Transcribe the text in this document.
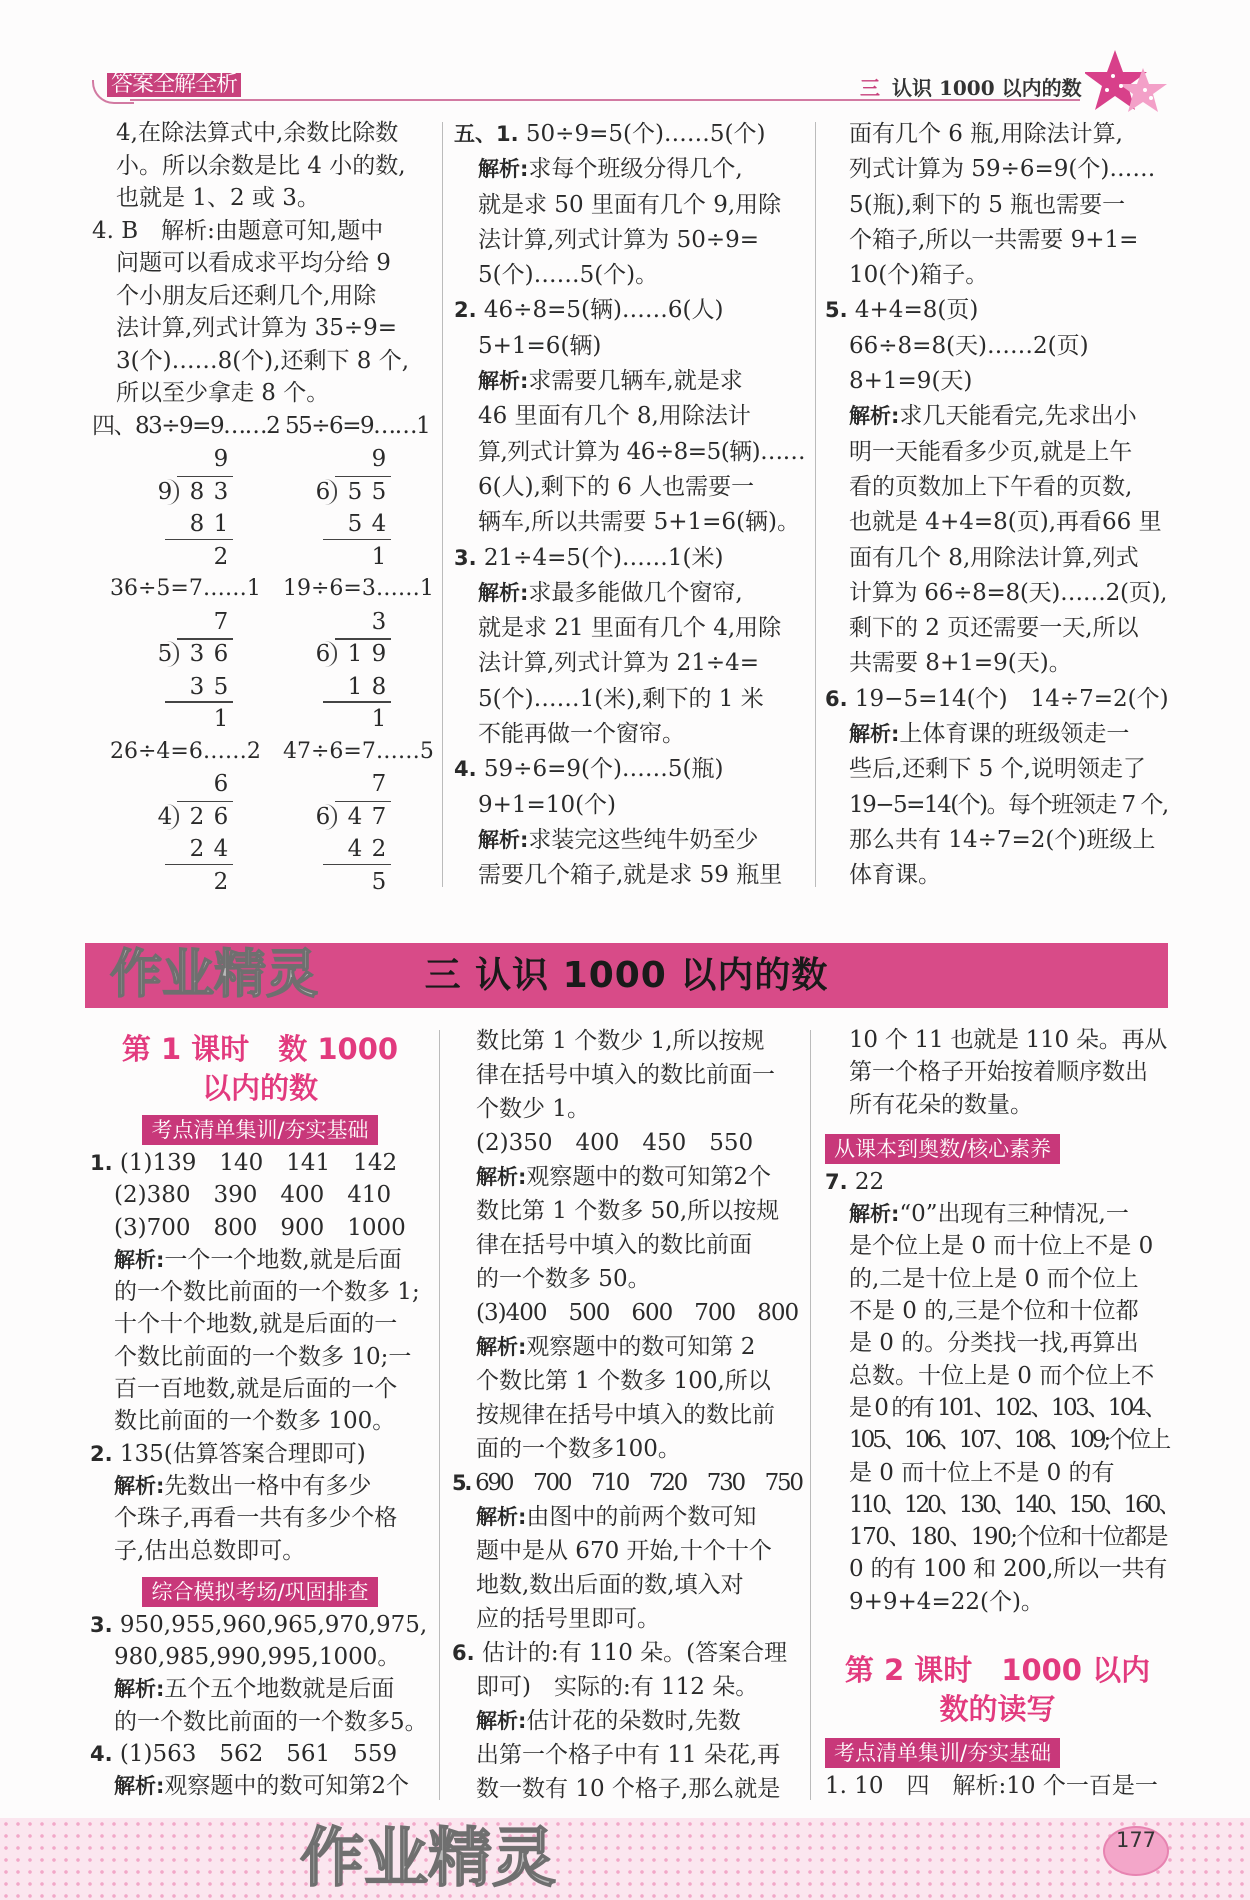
答案全解全析	三 认识 1000 以内的数
4,在除法算式中,余数比除数
小。所以余数是比 4 小的数,
也就是 1、2 或 3。
4. B　解析:由题意可知,题中
问题可以看成求平均分给 9
个小朋友后还剩几个,用除
法计算,列式计算为 35÷9=
3(个)……8(个),还剩下 8 个,
所以至少拿走 8 个。
四、83÷9=9……2 55÷6=9……1
9
9
8 3
8 1
2
6
9
5 5
5 4
1
36÷5=7……1
5
7
3 6
3 5
1
19÷6=3……1
6
3
1 9
1 8
1
26÷4=6……2
4
6
2 6
2 4
2
47÷6=7……5
6
7
4 7
4 2
5
五、1. 50÷9=5(个)……5(个)
解析:求每个班级分得几个,
就是求 50 里面有几个 9,用除
法计算,列式计算为 50÷9=
5(个)……5(个)。
2. 46÷8=5(辆)……6(人)
5+1=6(辆)
解析:求需要几辆车,就是求
46 里面有几个 8,用除法计
算,列式计算为 46÷8=5(辆)……
6(人),剩下的 6 人也需要一
辆车,所以共需要 5+1=6(辆)。
3. 21÷4=5(个)……1(米)
解析:求最多能做几个窗帘,
就是求 21 里面有几个 4,用除
法计算,列式计算为 21÷4=
5(个)……1(米),剩下的 1 米
不能再做一个窗帘。
4. 59÷6=9(个)……5(瓶)
9+1=10(个)
解析:求装完这些纯牛奶至少
需要几个箱子,就是求 59 瓶里
面有几个 6 瓶,用除法计算,
列式计算为 59÷6=9(个)……
5(瓶),剩下的 5 瓶也需要一
个箱子,所以一共需要 9+1=
10(个)箱子。
5. 4+4=8(页)
66÷8=8(天)……2(页)
8+1=9(天)
解析:求几天能看完,先求出小
明一天能看多少页,就是上午
看的页数加上下午看的页数,
也就是 4+4=8(页),再看66 里
面有几个 8,用除法计算,列式
计算为 66÷8=8(天)……2(页),
剩下的 2 页还需要一天,所以
共需要 8+1=9(天)。
6. 19−5=14(个)　14÷7=2(个)
解析:上体育课的班级领走一
些后,还剩下 5 个,说明领走了
19−5=14(个)。每个班领走 7 个,
那么共有 14÷7=2(个)班级上
体育课。
三 认识 1000 以内的数
作业精灵
第 1 课时　数 1000
以内的数
考点清单集训/夯实基础
1. (1)139　140　141　142
(2)380　390　400　410
(3)700　800　900　1000
解析:一个一个地数,就是后面
的一个数比前面的一个数多 1;
十个十个地数,就是后面的一
个数比前面的一个数多 10;一
百一百地数,就是后面的一个
数比前面的一个数多 100。
2. 135(估算答案合理即可)
解析:先数出一格中有多少
个珠子,再看一共有多少个格
子,估出总数即可。
综合模拟考场/巩固排查
3. 950,955,960,965,970,975,
980,985,990,995,1000。
解析:五个五个地数就是后面
的一个数比前面的一个数多5。
4. (1)563　562　561　559
解析:观察题中的数可知第2个
数比第 1 个数少 1,所以按规
律在括号中填入的数比前面一
个数少 1。
(2)350　400　450　550
解析:观察题中的数可知第2个
数比第 1 个数多 50,所以按规
律在括号中填入的数比前面
的一个数多 50。
(3)400　500　600　700　800
解析:观察题中的数可知第 2
个数比第 1 个数多 100,所以
按规律在括号中填入的数比前
面的一个数多100。
5. 690　700　710　720　730　750
解析:由图中的前两个数可知
题中是从 670 开始,十个十个
地数,数出后面的数,填入对
应的括号里即可。
6. 估计的:有 110 朵。(答案合理
即可)　实际的:有 112 朵。
解析:估计花的朵数时,先数
出第一个格子中有 11 朵花,再
数一数有 10 个格子,那么就是
10 个 11 也就是 110 朵。再从
第一个格子开始按着顺序数出
所有花朵的数量。
从课本到奥数/核心素养
7. 22
解析:“0”出现有三种情况,一
是个位上是 0 而十位上不是 0
的,二是十位上是 0 而个位上
不是 0 的,三是个位和十位都
是 0 的。分类找一找,再算出
总数。十位上是 0 而个位上不
是 0 的有 101、102、103、104、
105、106、107、108、109;个位上
是 0 而十位上不是 0 的有
110、120、130、140、150、160、
170、180、190;个位和十位都是
0 的有 100 和 200,所以一共有
9+9+4=22(个)。
第 2 课时　1000 以内
数的读写
考点清单集训/夯实基础
1. 10　四　解析:10 个一百是一
作业精灵	177
